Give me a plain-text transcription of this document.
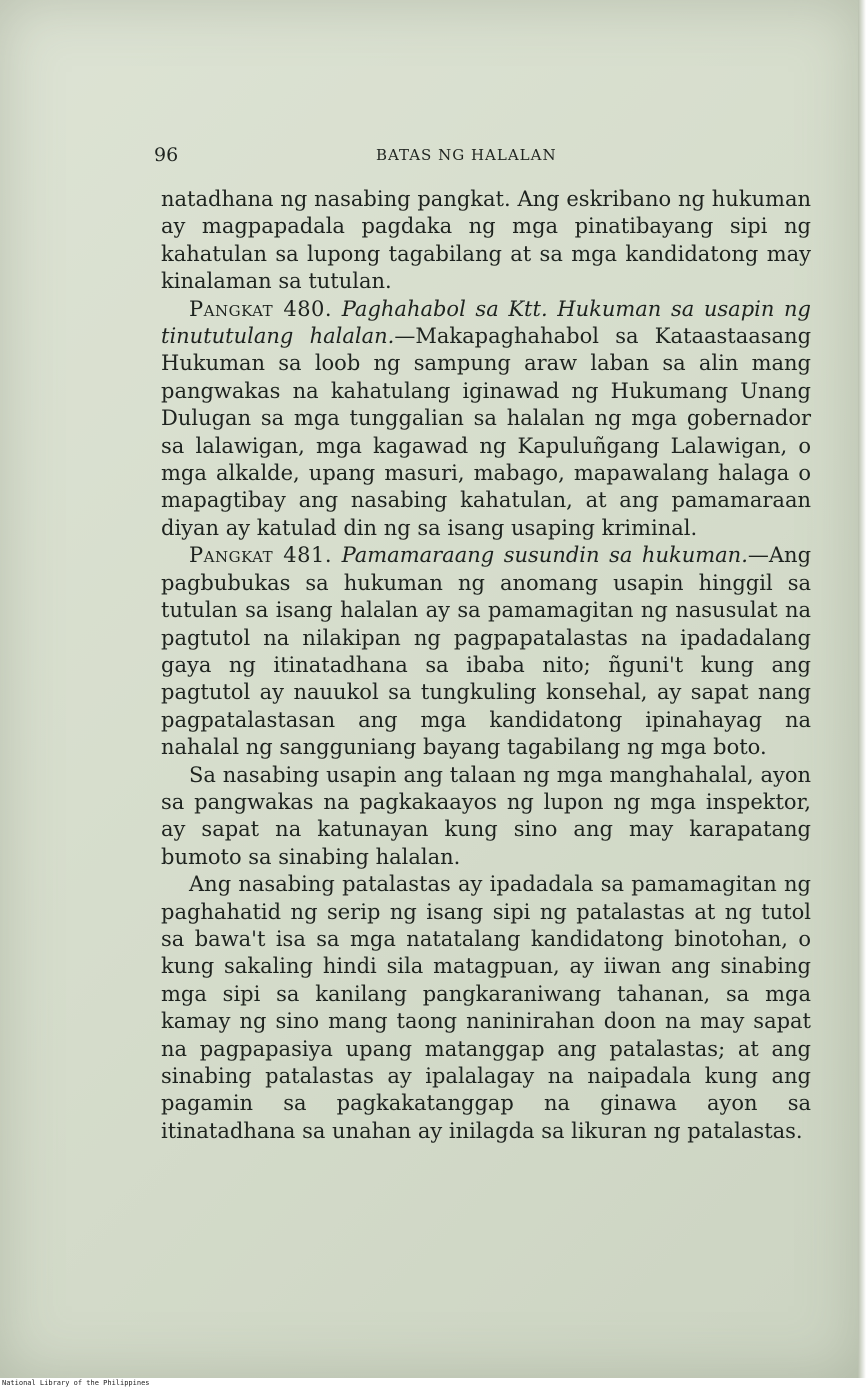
96	BATAS NG HALALAN

natadhana ng nasabing pangkat. Ang eskribano ng hukuman ay magpapadala pagdaka ng mga pinatibayang sipi ng kahatulan sa lupong tagabilang at sa mga kandidatong may kinalaman sa tutulan.

Pangkat 480. Paghahabol sa Ktt. Hukuman sa usapin ng tinututulang halalan.—Makapaghahabol sa Kataastaasang Hukuman sa loob ng sampung araw laban sa alin mang pangwakas na kahatulang iginawad ng Hukumang Unang Dulugan sa mga tunggalian sa halalan ng mga gobernador sa lalawigan, mga kagawad ng Kapuluñgang Lalawigan, o mga alkalde, upang masuri, mabago, mapawalang halaga o mapagtibay ang nasabing kahatulan, at ang pamamaraan diyan ay katulad din ng sa isang usaping kriminal.

Pangkat 481. Pamamaraang susundin sa hukuman.—Ang pagbubukas sa hukuman ng anomang usapin hinggil sa tutulan sa isang halalan ay sa pamamagitan ng nasusulat na pagtutol na nilakipan ng pagpapatalastas na ipadadalang gaya ng itinatadhana sa ibaba nito; ñguni't kung ang pagtutol ay nauukol sa tungkuling konsehal, ay sapat nang pagpatalastasan ang mga kandidatong ipinahayag na nahalal ng sangguniang bayang tagabilang ng mga boto.

Sa nasabing usapin ang talaan ng mga manghahalal, ayon sa pangwakas na pagkakaayos ng lupon ng mga inspektor, ay sapat na katunayan kung sino ang may karapatang bumoto sa sinabing halalan.

Ang nasabing patalastas ay ipadadala sa pamamagitan ng paghahatid ng serip ng isang sipi ng patalastas at ng tutol sa bawa't isa sa mga natatalang kandidatong binotohan, o kung sakaling hindi sila matagpuan, ay iiwan ang sinabing mga sipi sa kanilang pangkaraniwang tahanan, sa mga kamay ng sino mang taong naninirahan doon na may sapat na pagpapasiya upang matanggap ang patalastas; at ang sinabing patalastas ay ipalalagay na naipadala kung ang pagamin sa pagkakatanggap na ginawa ayon sa itinatadhana sa unahan ay inilagda sa likuran ng patalastas.

National Library of the Philippines
